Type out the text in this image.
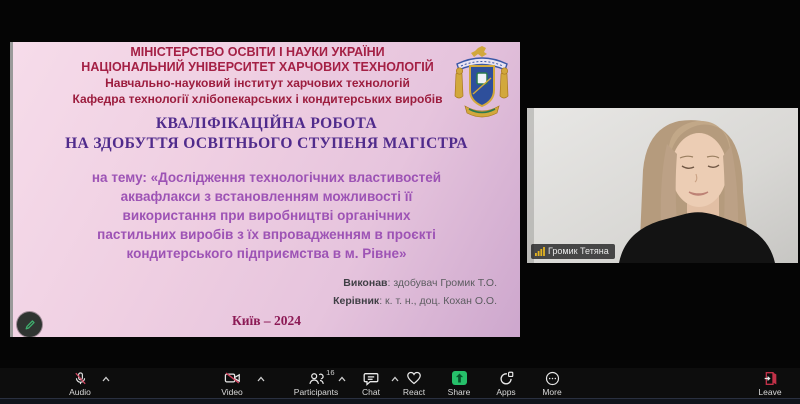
МІНІСТЕРСТВО ОСВІТИ І НАУКИ УКРАЇНИ
НАЦІОНАЛЬНИЙ УНІВЕРСИТЕТ ХАРЧОВИХ ТЕХНОЛОГІЙ
Навчально-науковий інститут харчових технологій
Кафедра технології хлібопекарських і кондитерських виробів
КВАЛІФІКАЦІЙНА РОБОТА
НА ЗДОБУТТЯ ОСВІТНЬОГО СТУПЕНЯ МАГІСТРА
на тему: «Дослідження технологічних властивостей
аквафлакси з встановленням можливості її
використання при виробництві органічних
пастильних виробів з їх впровадженням в проєкті
кондитерського підприємства в м. Рівне»
Виконав: здобувач Громик Т.О.
Керівник: к. т. н., доц. Кохан О.О.
Київ – 2024
Громик Тетяна
Audio	Video
16
Participants	Chat	React	Share	Apps	More	Leave
